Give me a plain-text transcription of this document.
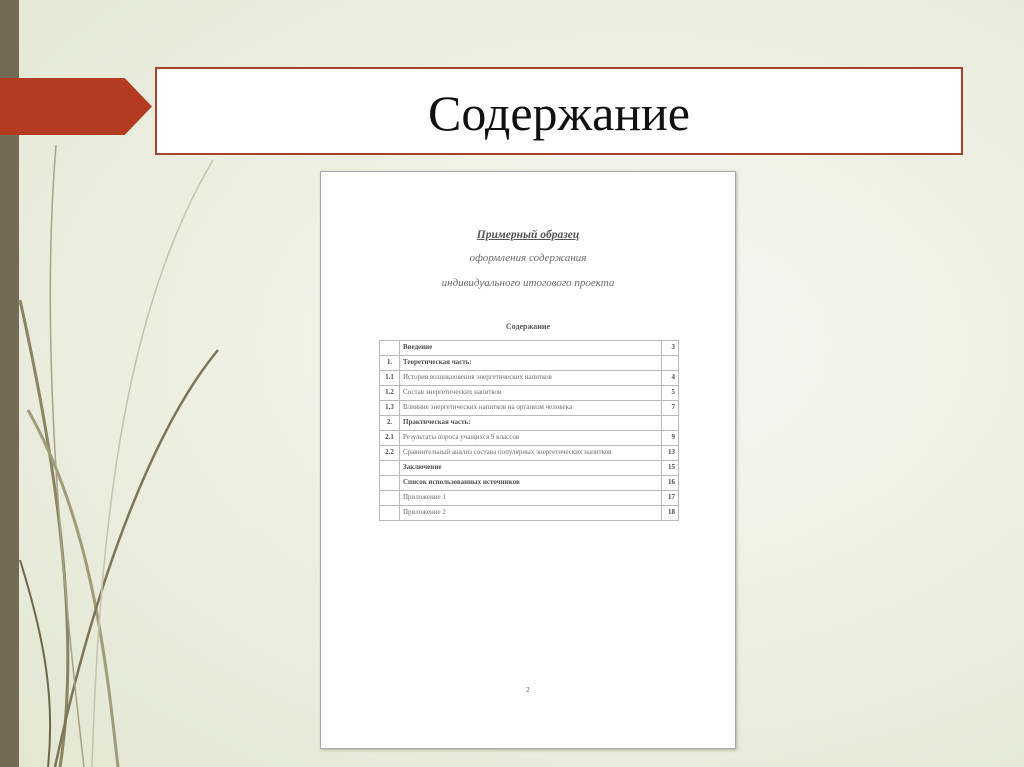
Содержание
Примерный образец
оформления содержания
индивидуального итогового проекта
Содержание
	Введение	3
1.	Теоретическая часть:	
1.1	История возникновения энергетических напитков	4
1.2	Состав энергетических напитков	5
1.3	Влияние энергетических напитков на организм человека	7
2.	Практическая часть:	
2.1	Результаты опроса учащихся 9 классов	9
2.2	Сравнительный анализ состава популярных энергетических напитков	13
	Заключение	15
	Список использованных источников	16
	Приложение 1	17
	Приложение 2	18
2
